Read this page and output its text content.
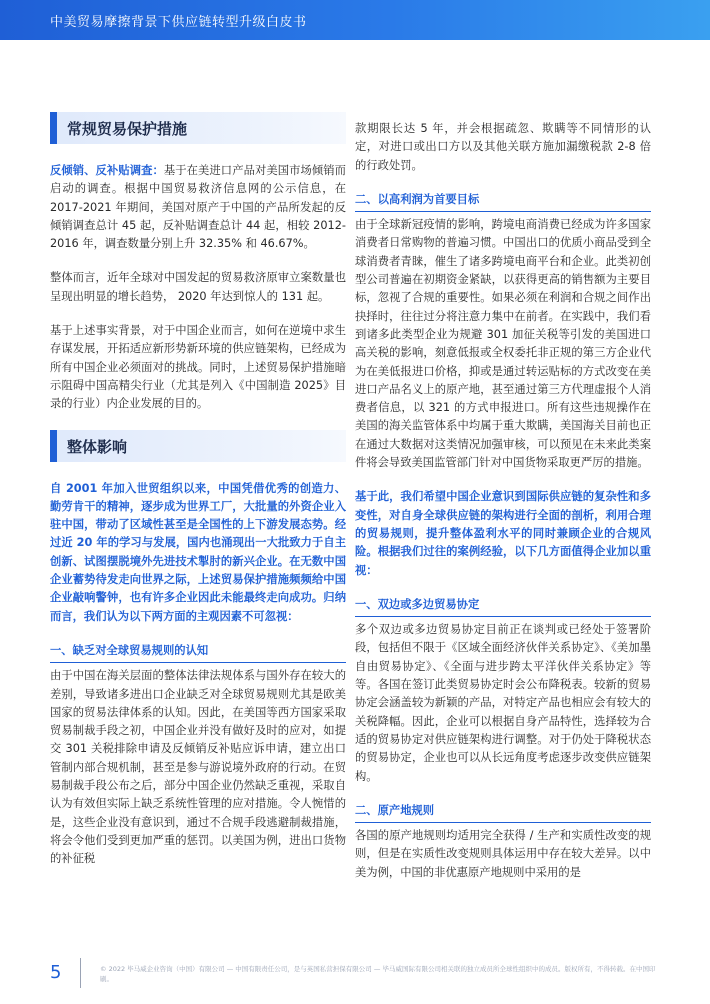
中美贸易摩擦背景下供应链转型升级白皮书
常规贸易保护措施

反倾销、反补贴调查：基于在美进口产品对美国市场倾销而启动的调查。根据中国贸易救济信息网的公示信息，在 2017-2021 年期间，美国对原产于中国的产品所发起的反倾销调查总计 45 起，反补贴调查总计 44 起，相较 2012-2016 年，调查数量分别上升 32.35% 和 46.67%。

整体而言，近年全球对中国发起的贸易救济原审立案数量也呈现出明显的增长趋势， 2020 年达到惊人的 131 起。

基于上述事实背景，对于中国企业而言，如何在逆境中求生存谋发展，开拓适应新形势新环境的供应链架构，已经成为所有中国企业必须面对的挑战。同时，上述贸易保护措施暗示阻碍中国高精尖行业（尤其是列入《中国制造 2025》目录的行业）内企业发展的目的。

整体影响

自 2001 年加入世贸组织以来，中国凭借优秀的创造力、勤劳肯干的精神，逐步成为世界工厂，大批量的外资企业入驻中国，带动了区域性甚至是全国性的上下游发展态势。经过近 20 年的学习与发展，国内也涌现出一大批致力于自主创新、试图摆脱境外先进技术掣肘的新兴企业。在无数中国企业蓄势待发走向世界之际，上述贸易保护措施频频给中国企业敲响警钟，也有许多企业因此未能最终走向成功。归纳而言，我们认为以下两方面的主观因素不可忽视：

一、缺乏对全球贸易规则的认知

由于中国在海关层面的整体法律法规体系与国外存在较大的差别，导致诸多进出口企业缺乏对全球贸易规则尤其是欧美国家的贸易法律体系的认知。因此，在美国等西方国家采取贸易制裁手段之初，中国企业并没有做好及时的应对，如提交 301 关税排除申请及反倾销反补贴应诉申请，建立出口管制内部合规机制，甚至是参与游说境外政府的行动。在贸易制裁手段公布之后，部分中国企业仍然缺乏重视，采取自认为有效但实际上缺乏系统性管理的应对措施。令人惋惜的是，这些企业没有意识到，通过不合规手段逃避制裁措施，将会令他们受到更加严重的惩罚。以美国为例，进出口货物的补征税

款期限长达 5 年，并会根据疏忽、欺瞒等不同情形的认定，对进口或出口方以及其他关联方施加漏缴税款 2-8 倍的行政处罚。

二、以高利润为首要目标

由于全球新冠疫情的影响，跨境电商消费已经成为许多国家消费者日常购物的普遍习惯。中国出口的优质小商品受到全球消费者青睐，催生了诸多跨境电商平台和企业。此类初创型公司普遍在初期资金紧缺，以获得更高的销售额为主要目标，忽视了合规的重要性。如果必须在利润和合规之间作出抉择时，往往过分将注意力集中在前者。在实践中，我们看到诸多此类型企业为规避 301 加征关税等引发的美国进口高关税的影响，刻意低报或全权委托非正规的第三方企业代为在美低报进口价格，抑或是通过转运贴标的方式改变在美进口产品名义上的原产地，甚至通过第三方代理虚报个人消费者信息，以 321 的方式申报进口。所有这些违规操作在美国的海关监管体系中均属于重大欺瞒，美国海关目前也正在通过大数据对这类情况加强审核，可以预见在未来此类案件将会导致美国监管部门针对中国货物采取更严厉的措施。

基于此，我们希望中国企业意识到国际供应链的复杂性和多变性，对自身全球供应链的架构进行全面的剖析，利用合理的贸易规则，提升整体盈利水平的同时兼顾企业的合规风险。根据我们过往的案例经验，以下几方面值得企业加以重视：

一、双边或多边贸易协定

多个双边或多边贸易协定目前正在谈判或已经处于签署阶段，包括但不限于《区域全面经济伙伴关系协定》、《美加墨自由贸易协定》、《全面与进步跨太平洋伙伴关系协定》等等。各国在签订此类贸易协定时会公布降税表。较新的贸易协定会涵盖较为新颖的产品，对特定产品也相应会有较大的关税降幅。因此，企业可以根据自身产品特性，选择较为合适的贸易协定对供应链架构进行调整。对于仍处于降税状态的贸易协定，企业也可以从长远角度考虑逐步改变供应链架构。

二、原产地规则

各国的原产地规则均适用完全获得 / 生产和实质性改变的规则，但是在实质性改变规则具体运用中存在较大差异。以中美为例，中国的非优惠原产地规则中采用的是

5	© 2022 毕马威企业咨询（中国）有限公司 — 中国有限责任公司，是与英国私营担保有限公司 — 毕马威国际有限公司相关联的独立成员所全球性组织中的成员。版权所有，不得转载。在中国印刷。
